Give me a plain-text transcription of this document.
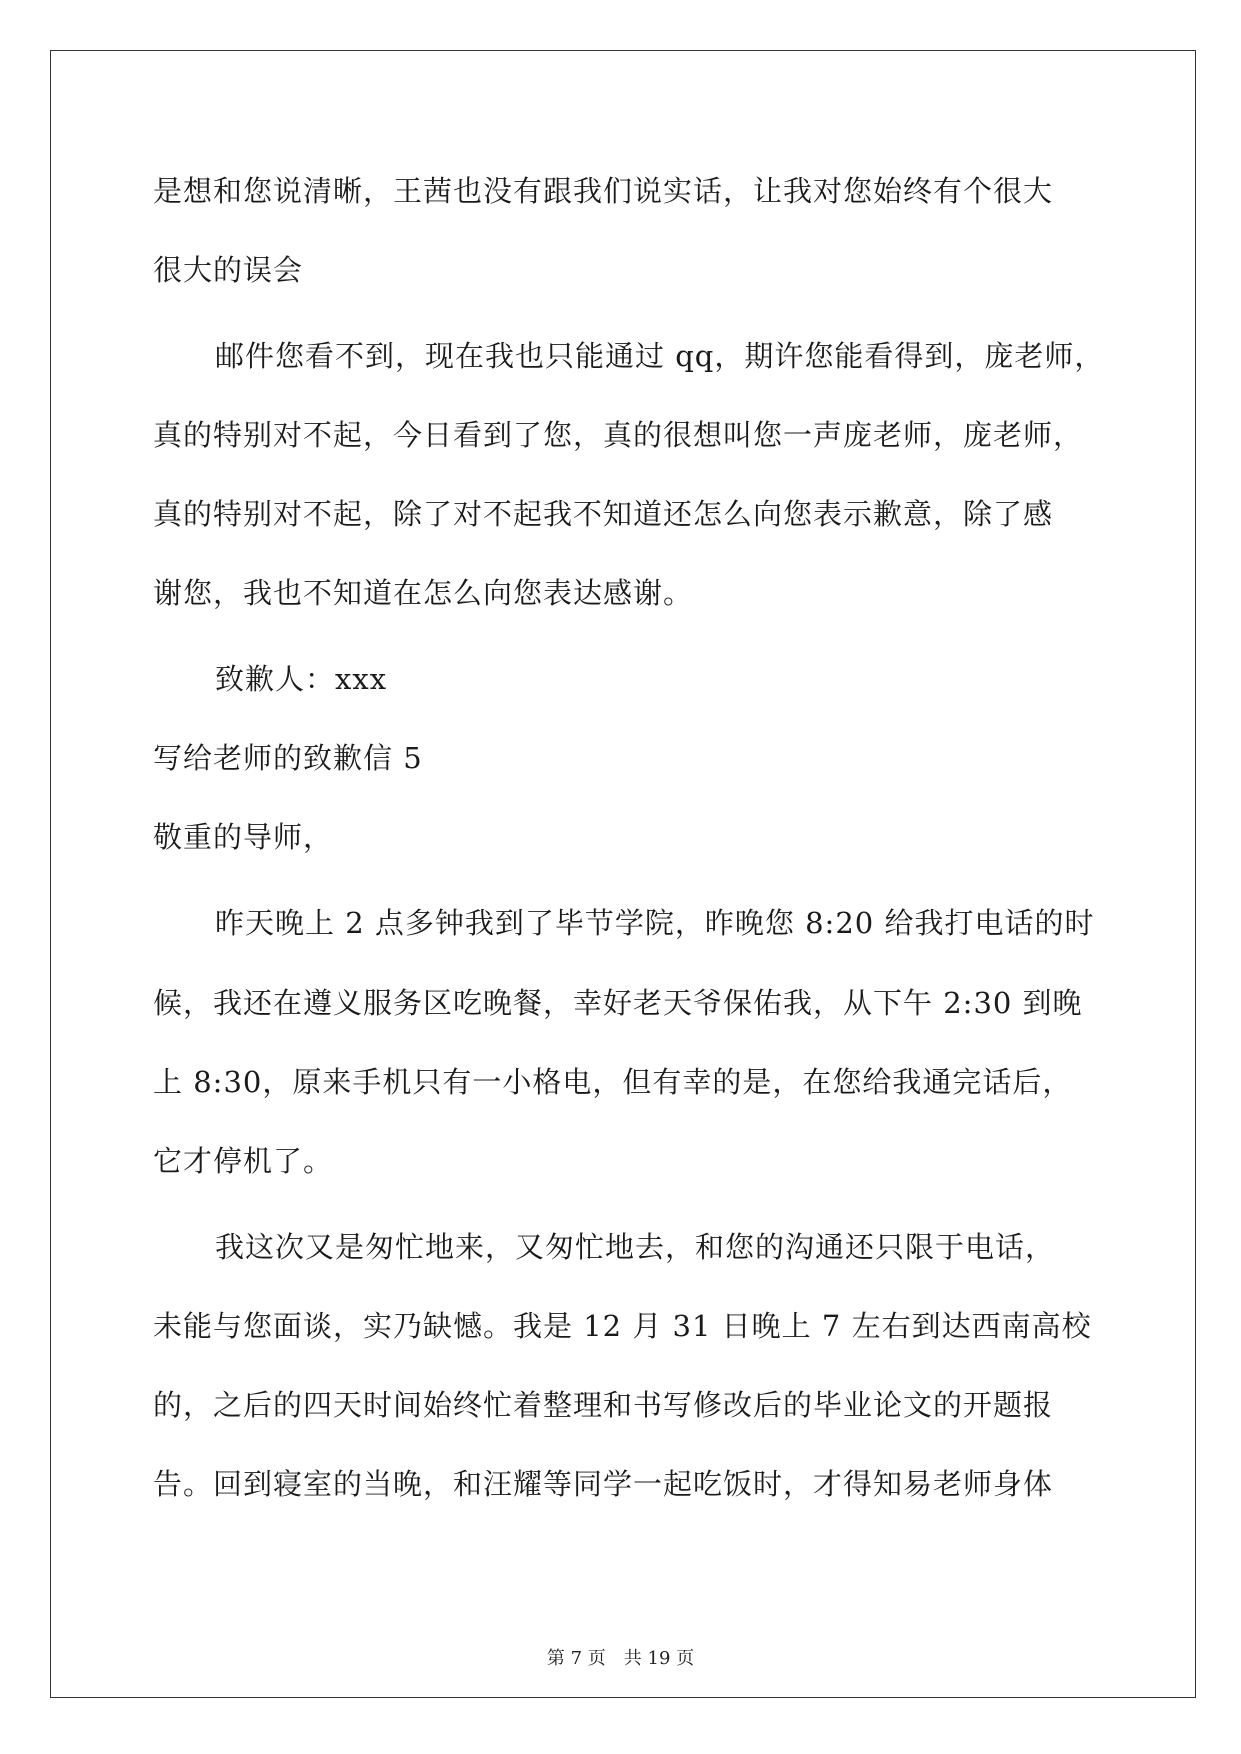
是想和您说清晰，王茜也没有跟我们说实话，让我对您始终有个很大
很大的误会
邮件您看不到，现在我也只能通过 qq，期许您能看得到，庞老师，
真的特别对不起，今日看到了您，真的很想叫您一声庞老师，庞老师，
真的特别对不起，除了对不起我不知道还怎么向您表示歉意，除了感
谢您，我也不知道在怎么向您表达感谢。
致歉人：xxx
写给老师的致歉信 5
敬重的导师，
昨天晚上 2 点多钟我到了毕节学院，昨晚您 8:20 给我打电话的时
候，我还在遵义服务区吃晚餐，幸好老天爷保佑我，从下午 2:30 到晚
上 8:30，原来手机只有一小格电，但有幸的是，在您给我通完话后，
它才停机了。
我这次又是匆忙地来，又匆忙地去，和您的沟通还只限于电话，
未能与您面谈，实乃缺憾。我是 12 月 31 日晚上 7 左右到达西南高校
的，之后的四天时间始终忙着整理和书写修改后的毕业论文的开题报
告。回到寝室的当晚，和汪耀等同学一起吃饭时，才得知易老师身体
第 7 页 共 19 页
